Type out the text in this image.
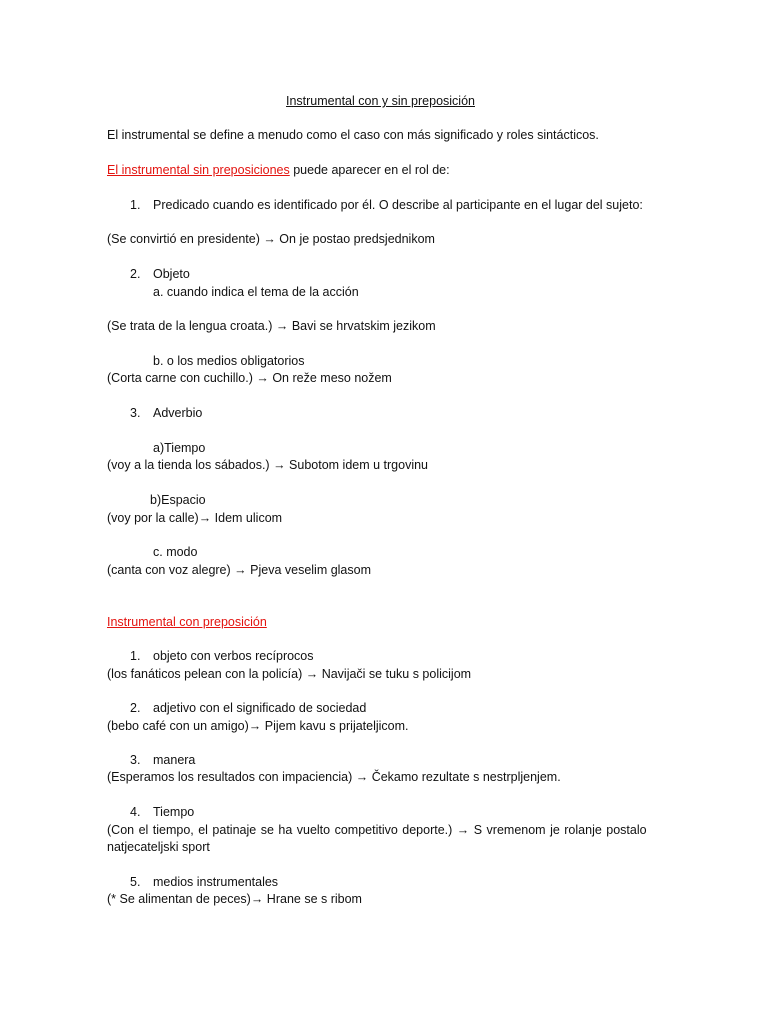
Instrumental con y sin preposición
El instrumental se define a menudo como el caso con más significado y roles sintácticos.
El instrumental sin preposiciones puede aparecer en el rol de:
1. Predicado cuando es identificado por él. O describe al participante en el lugar del sujeto:
(Se convirtió en presidente) → On je postao predsjednikom
2. Objeto
a. cuando indica el tema de la acción
(Se trata de la lengua croata.) → Bavi se hrvatskim jezikom
b. o los medios obligatorios
(Corta carne con cuchillo.) → On reže meso nožem
3. Adverbio
a)Tiempo
(voy a la tienda los sábados.) → Subotom idem u trgovinu
b)Espacio
(voy por la calle)→ Idem ulicom
c. modo
(canta con voz alegre) → Pjeva veselim glasom
Instrumental con preposición
1. objeto con verbos recíprocos
(los fanáticos pelean con la policía) → Navijači se tuku s policijom
2. adjetivo con el significado de sociedad
(bebo café con un amigo)→ Pijem kavu s prijateljicom.
3. manera
(Esperamos los resultados con impaciencia) → Čekamo rezultate s nestrpljenjem.
4. Tiempo
(Con el tiempo, el patinaje se ha vuelto competitivo deporte.) → S vremenom je rolanje postalo
natjecateljski sport
5. medios instrumentales
(* Se alimentan de peces)→ Hrane se s ribom
